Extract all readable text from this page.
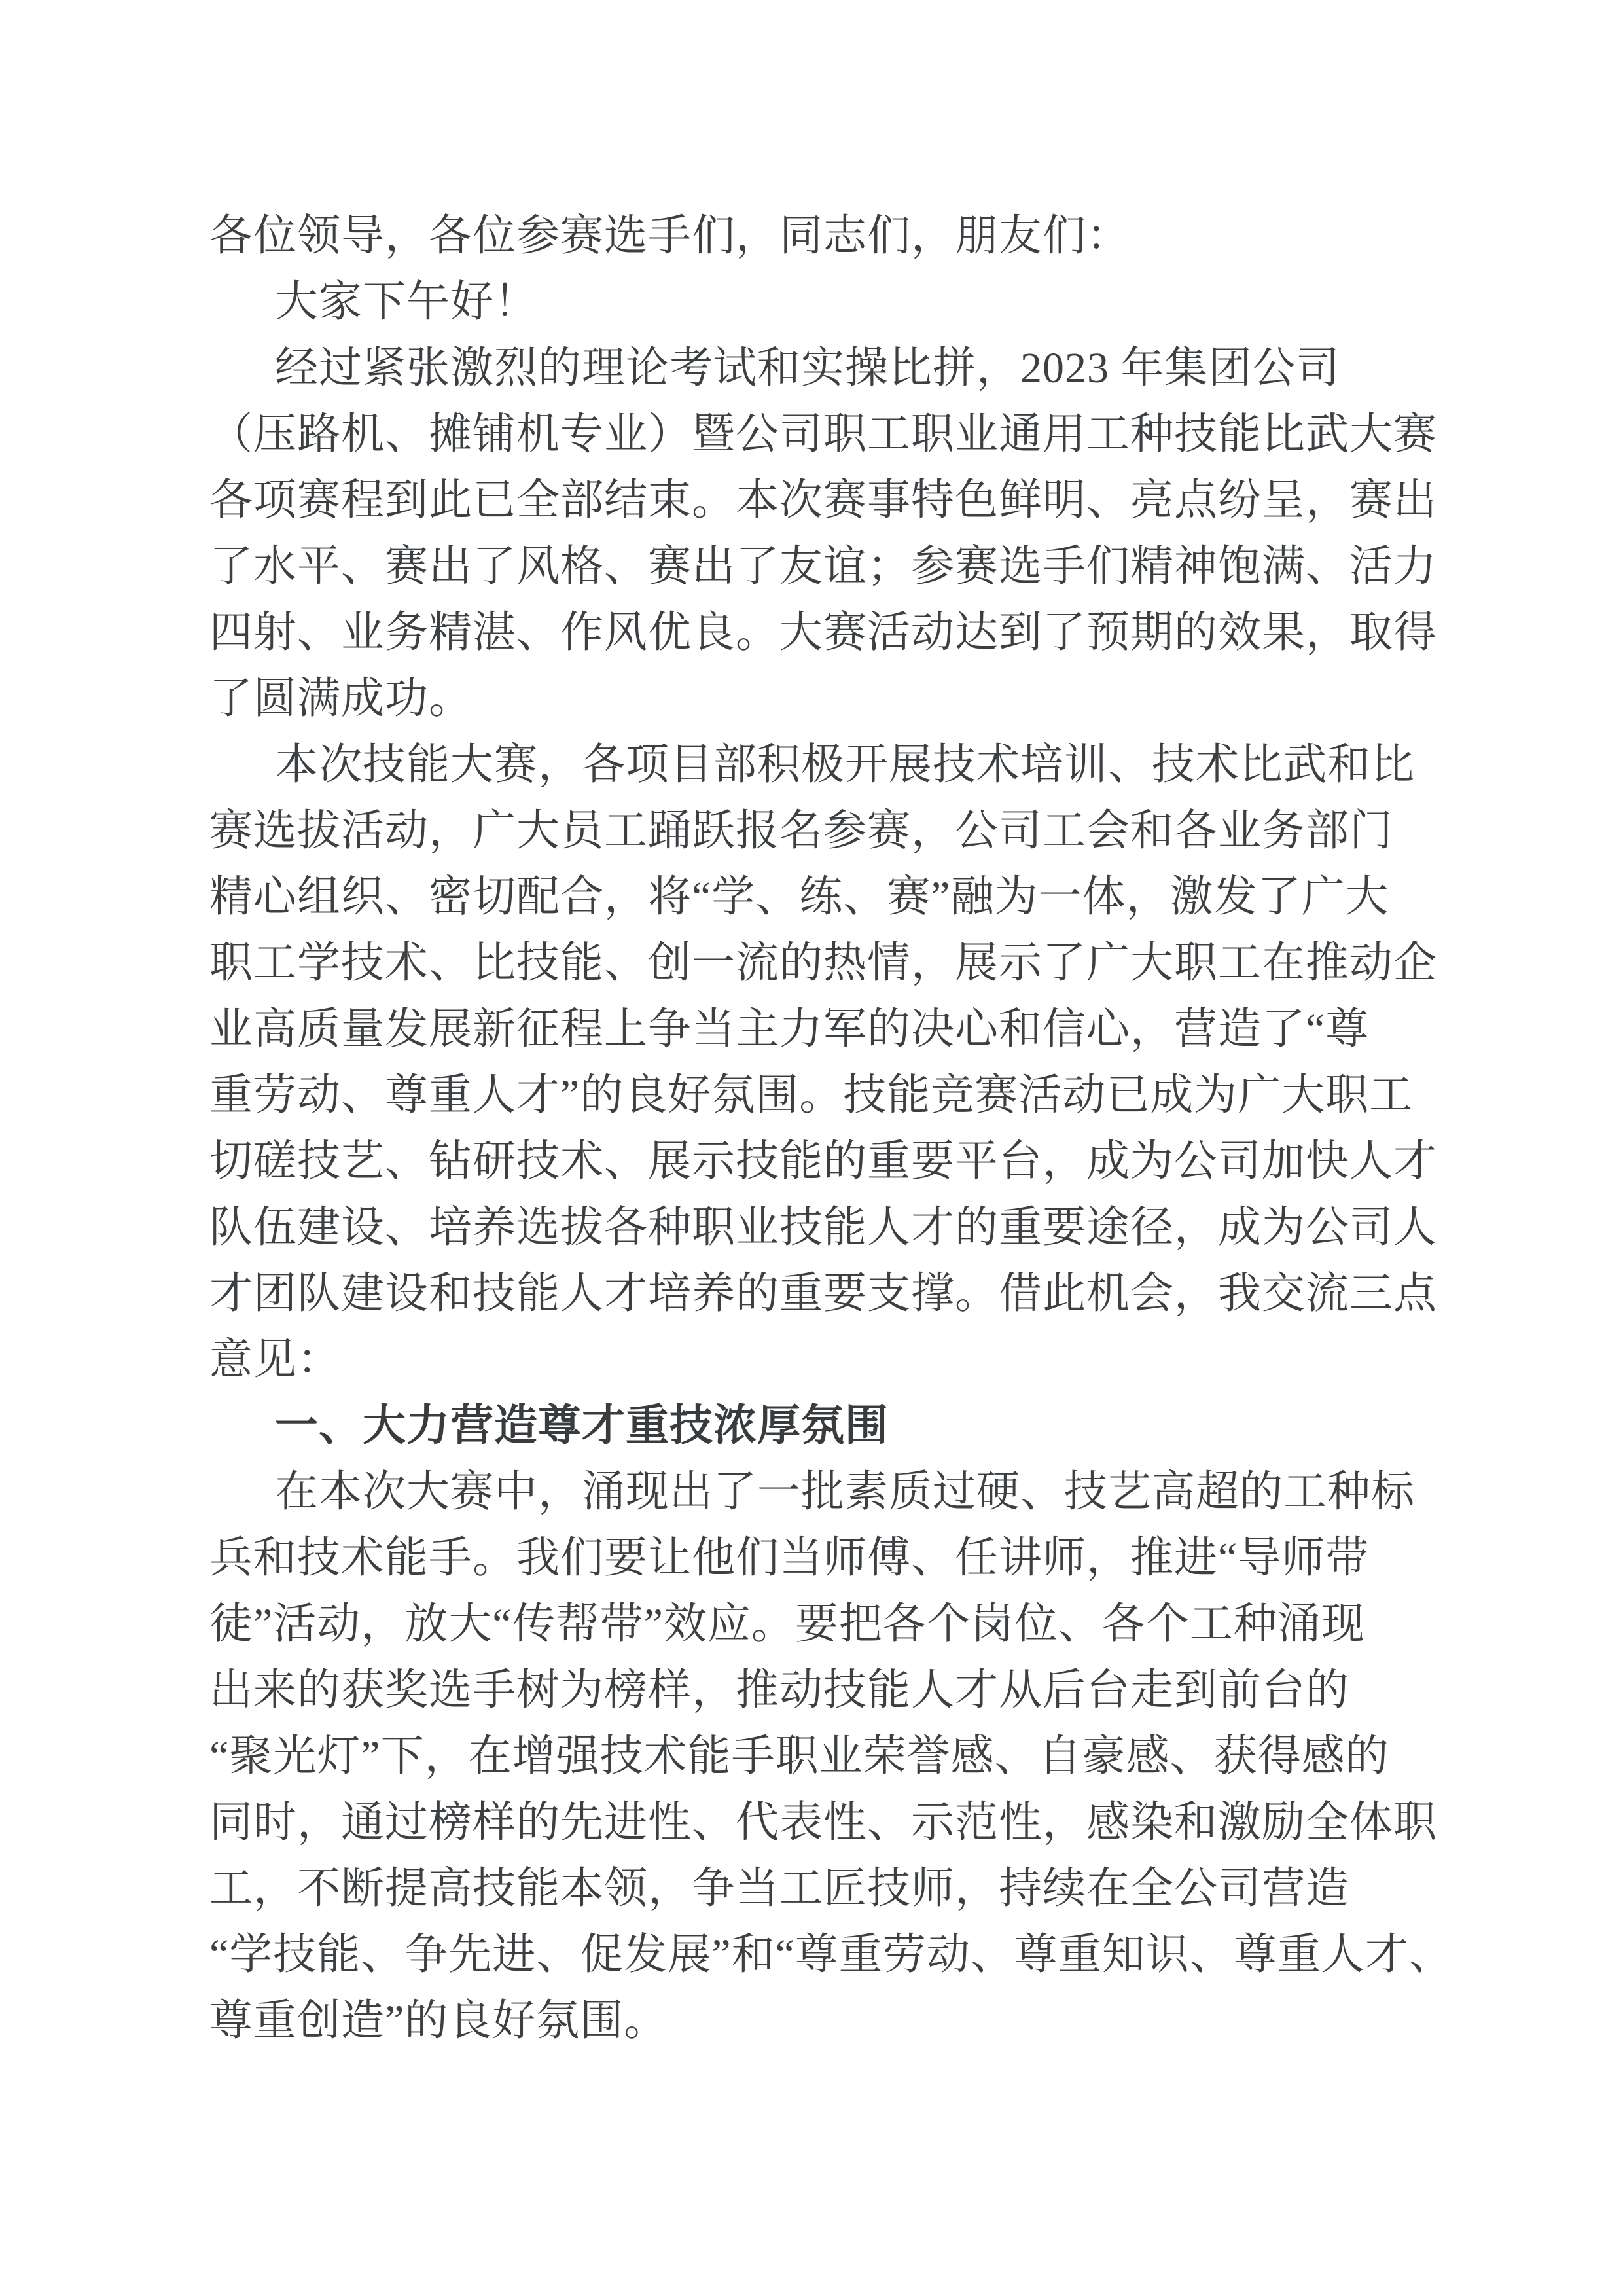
各位领导，各位参赛选手们，同志们，朋友们：
大家下午好！
经过紧张激烈的理论考试和实操比拼，2023 年集团公司
（压路机、摊铺机专业）暨公司职工职业通用工种技能比武大赛
各项赛程到此已全部结束。本次赛事特色鲜明、亮点纷呈，赛出
了水平、赛出了风格、赛出了友谊；参赛选手们精神饱满、活力
四射、业务精湛、作风优良。大赛活动达到了预期的效果，取得
了圆满成功。
本次技能大赛，各项目部积极开展技术培训、技术比武和比
赛选拔活动，广大员工踊跃报名参赛，公司工会和各业务部门
精心组织、密切配合，将“学、练、赛”融为一体，激发了广大
职工学技术、比技能、创一流的热情，展示了广大职工在推动企
业高质量发展新征程上争当主力军的决心和信心，营造了“尊
重劳动、尊重人才”的良好氛围。技能竞赛活动已成为广大职工
切磋技艺、钻研技术、展示技能的重要平台，成为公司加快人才
队伍建设、培养选拔各种职业技能人才的重要途径，成为公司人
才团队建设和技能人才培养的重要支撑。借此机会，我交流三点
意见：
一、大力营造尊才重技浓厚氛围
在本次大赛中，涌现出了一批素质过硬、技艺高超的工种标
兵和技术能手。我们要让他们当师傅、任讲师，推进“导师带
徒”活动，放大“传帮带”效应。要把各个岗位、各个工种涌现
出来的获奖选手树为榜样，推动技能人才从后台走到前台的
“聚光灯”下，在增强技术能手职业荣誉感、自豪感、获得感的
同时，通过榜样的先进性、代表性、示范性，感染和激励全体职
工，不断提高技能本领，争当工匠技师，持续在全公司营造
“学技能、争先进、促发展”和“尊重劳动、尊重知识、尊重人才、
尊重创造”的良好氛围。
